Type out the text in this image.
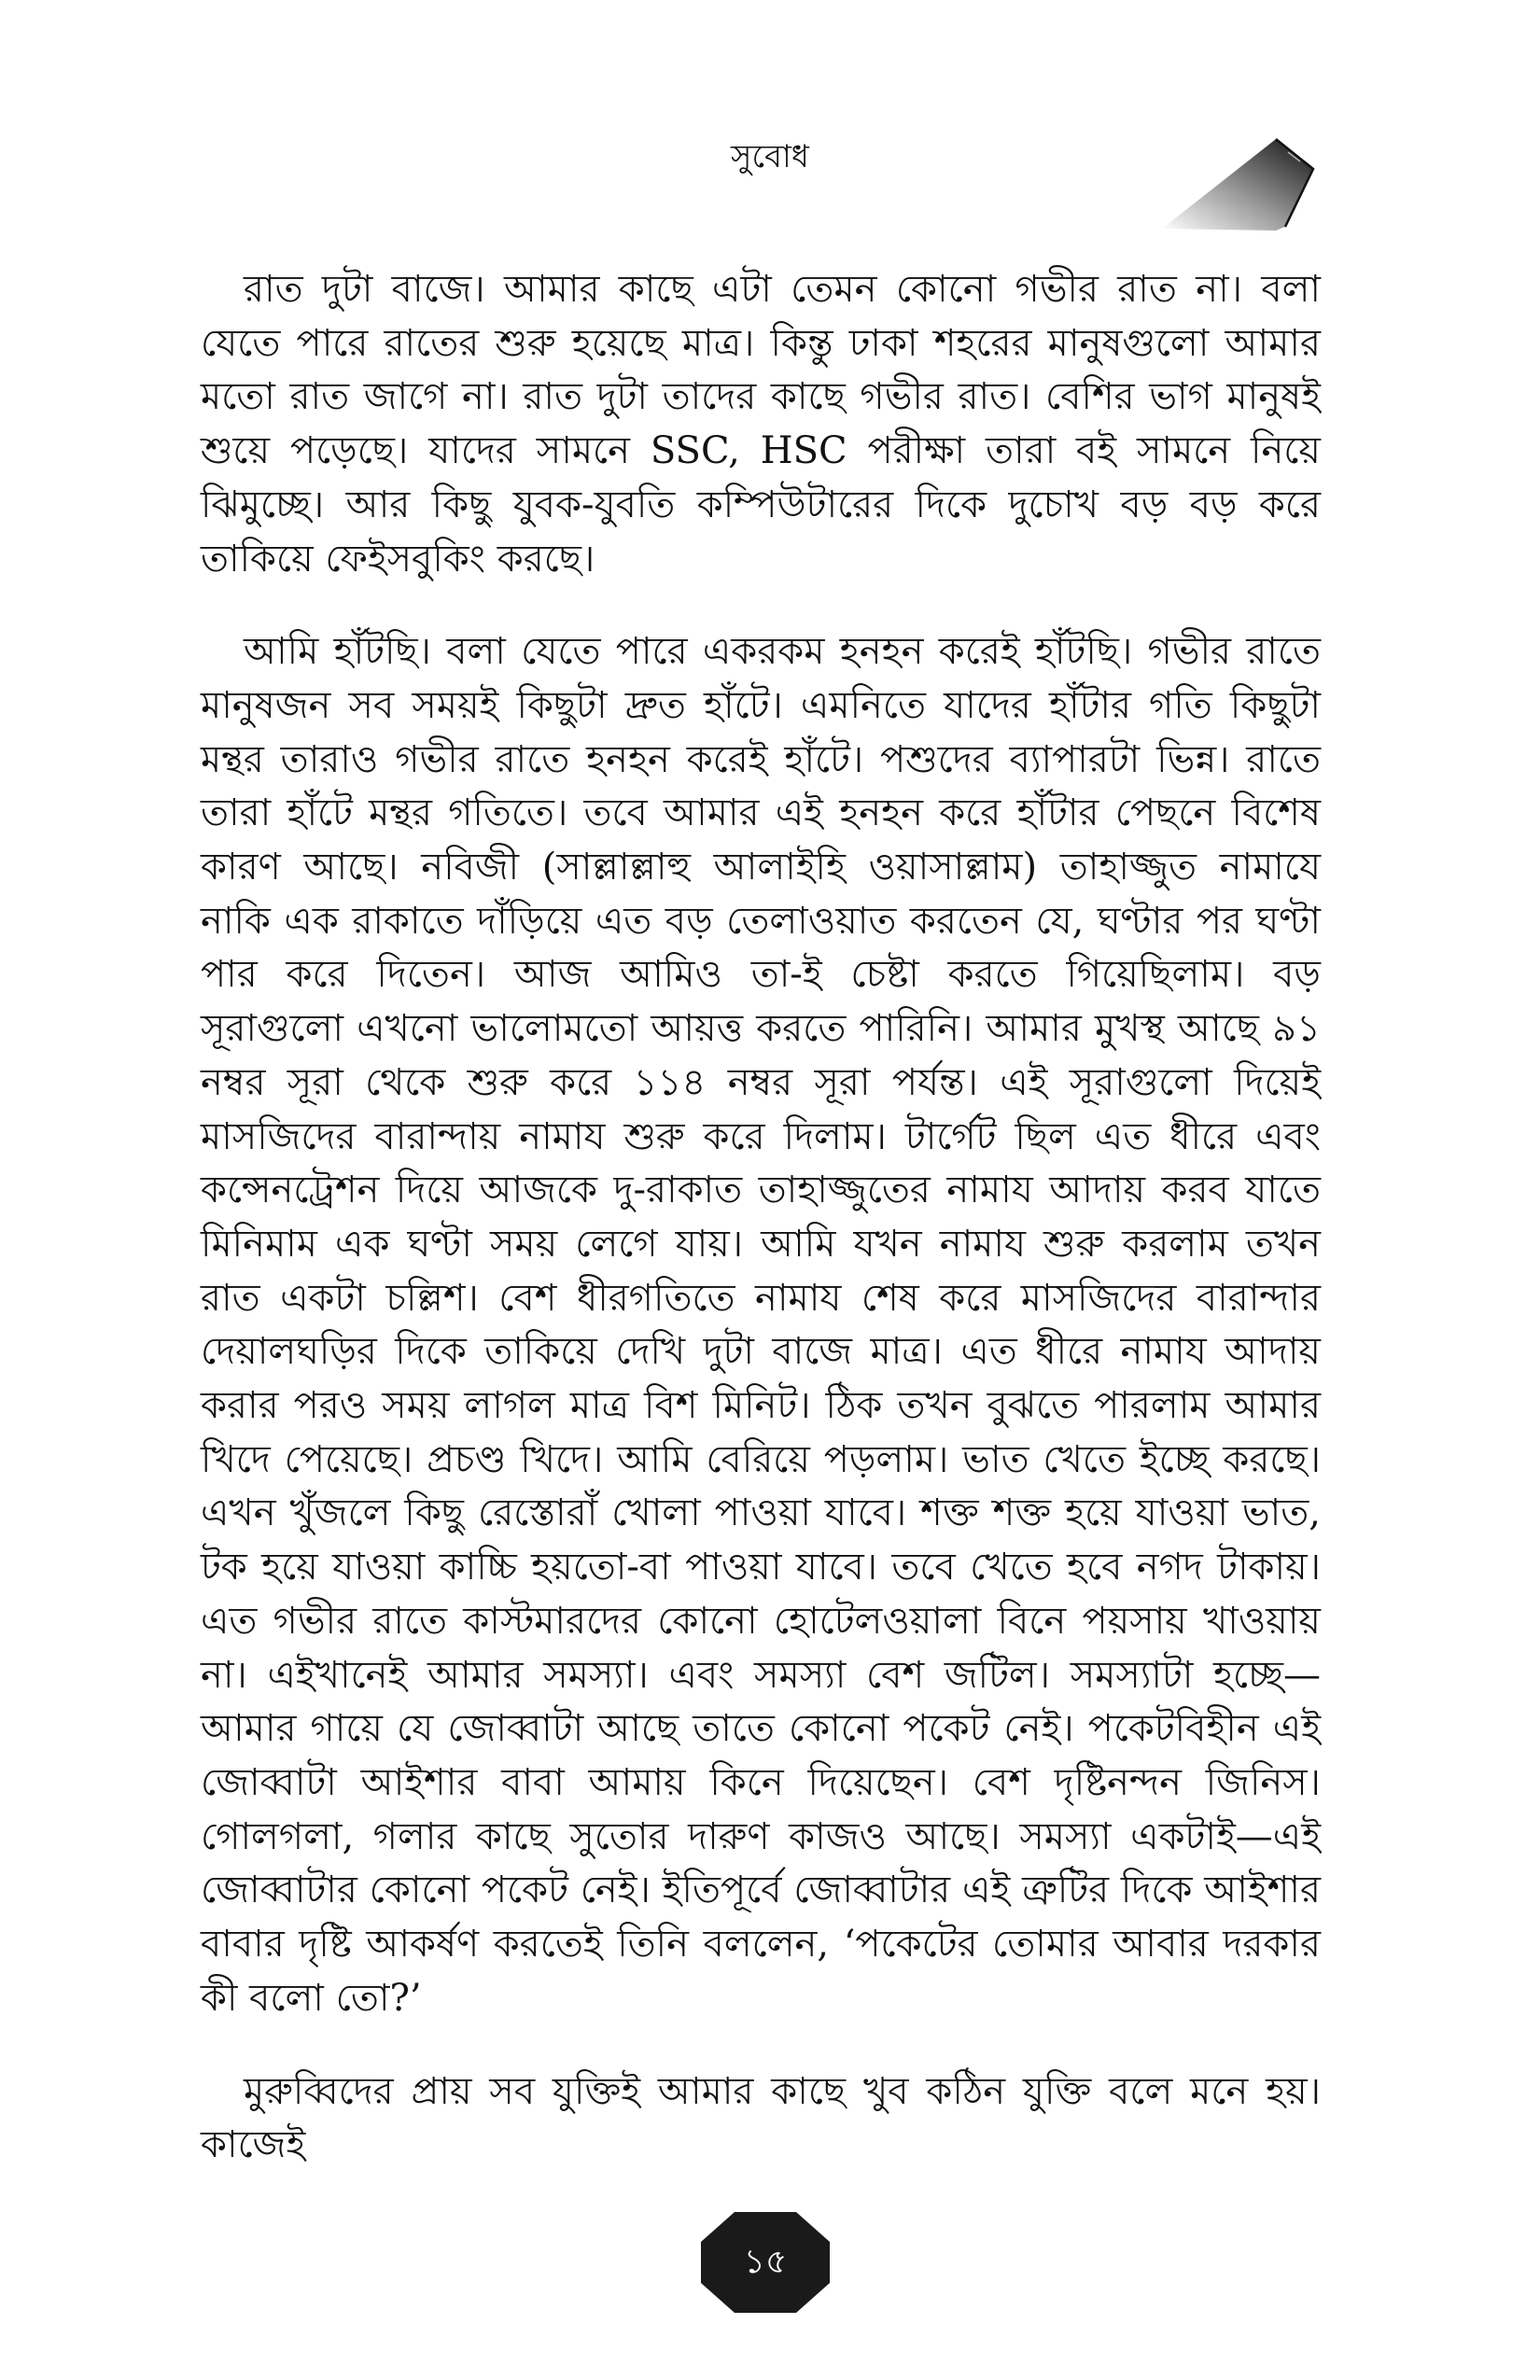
সুবোধ

রাত দুটা বাজে। আমার কাছে এটা তেমন কোনো গভীর রাত না। বলা যেতে পারে রাতের শুরু হয়েছে মাত্র। কিন্তু ঢাকা শহরের মানুষগুলো আমার মতো রাত জাগে না। রাত দুটা তাদের কাছে গভীর রাত। বেশির ভাগ মানুষই শুয়ে পড়েছে। যাদের সামনে SSC, HSC পরীক্ষা তারা বই সামনে নিয়ে ঝিমুচ্ছে। আর কিছু যুবক-যুবতি কম্পিউটারের দিকে দুচোখ বড় বড় করে তাকিয়ে ফেইসবুকিং করছে।

আমি হাঁটছি। বলা যেতে পারে একরকম হনহন করেই হাঁটছি। গভীর রাতে মানুষজন সব সময়ই কিছুটা দ্রুত হাঁটে। এমনিতে যাদের হাঁটার গতি কিছুটা মন্থর তারাও গভীর রাতে হনহন করেই হাঁটে। পশুদের ব্যাপারটা ভিন্ন। রাতে তারা হাঁটে মন্থর গতিতে। তবে আমার এই হনহন করে হাঁটার পেছনে বিশেষ কারণ আছে। নবিজী (সাল্লাল্লাহু আলাইহি ওয়াসাল্লাম) তাহাজ্জুত নামাযে নাকি এক রাকাতে দাঁড়িয়ে এত বড় তেলাওয়াত করতেন যে, ঘণ্টার পর ঘণ্টা পার করে দিতেন। আজ আমিও তা-ই চেষ্টা করতে গিয়েছিলাম। বড় সূরাগুলো এখনো ভালোমতো আয়ত্ত করতে পারিনি। আমার মুখস্থ আছে ৯১ নম্বর সূরা থেকে শুরু করে ১১৪ নম্বর সূরা পর্যন্ত। এই সূরাগুলো দিয়েই মাসজিদের বারান্দায় নামায শুরু করে দিলাম। টার্গেট ছিল এত ধীরে এবং কন্সেনট্রেশন দিয়ে আজকে দু-রাকাত তাহাজ্জুতের নামায আদায় করব যাতে মিনিমাম এক ঘণ্টা সময় লেগে যায়। আমি যখন নামায শুরু করলাম তখন রাত একটা চল্লিশ। বেশ ধীরগতিতে নামায শেষ করে মাসজিদের বারান্দার দেয়ালঘড়ির দিকে তাকিয়ে দেখি দুটা বাজে মাত্র। এত ধীরে নামায আদায় করার পরও সময় লাগল মাত্র বিশ মিনিট। ঠিক তখন বুঝতে পারলাম আমার খিদে পেয়েছে। প্রচণ্ড খিদে। আমি বেরিয়ে পড়লাম। ভাত খেতে ইচ্ছে করছে। এখন খুঁজলে কিছু রেস্তোরাঁ খোলা পাওয়া যাবে। শক্ত শক্ত হয়ে যাওয়া ভাত, টক হয়ে যাওয়া কাচ্চি হয়তো-বা পাওয়া যাবে। তবে খেতে হবে নগদ টাকায়। এত গভীর রাতে কাস্টমারদের কোনো হোটেলওয়ালা বিনে পয়সায় খাওয়ায় না। এইখানেই আমার সমস্যা। এবং সমস্যা বেশ জটিল। সমস্যাটা হচ্ছে— আমার গায়ে যে জোব্বাটা আছে তাতে কোনো পকেট নেই। পকেটবিহীন এই জোব্বাটা আইশার বাবা আমায় কিনে দিয়েছেন। বেশ দৃষ্টিনন্দন জিনিস। গোলগলা, গলার কাছে সুতোর দারুণ কাজও আছে। সমস্যা একটাই—এই জোব্বাটার কোনো পকেট নেই। ইতিপূর্বে জোব্বাটার এই ত্রুটির দিকে আইশার বাবার দৃষ্টি আকর্ষণ করতেই তিনি বললেন, ‘পকেটের তোমার আবার দরকার কী বলো তো?’

মুরুব্বিদের প্রায় সব যুক্তিই আমার কাছে খুব কঠিন যুক্তি বলে মনে হয়। কাজেই

১৫
